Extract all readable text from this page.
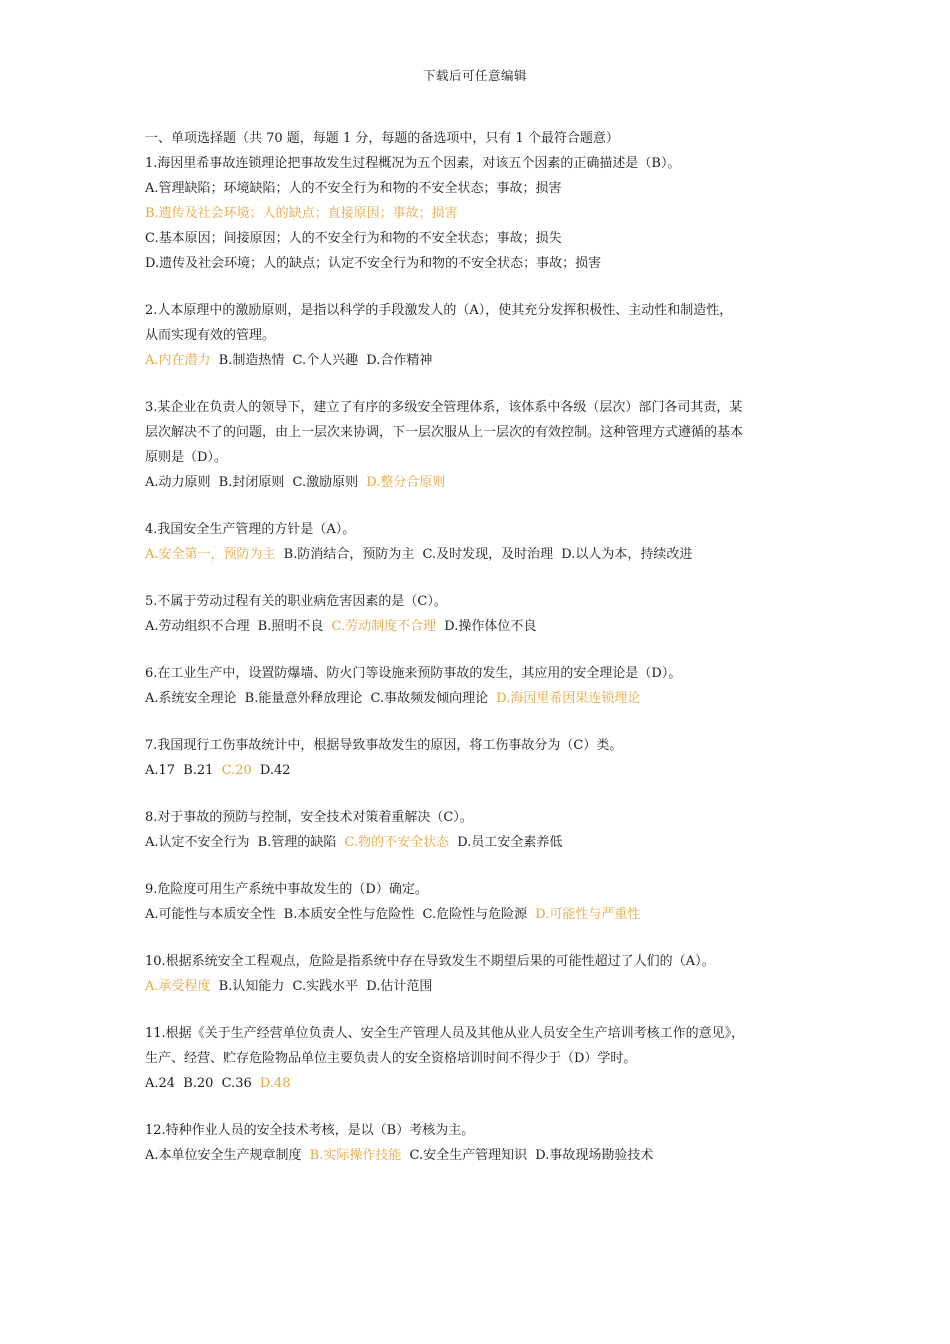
下载后可任意编辑
一、单项选择题（共 70 题，每题 1 分，每题的备选项中，只有 1 个最符合题意）
1.海因里希事故连锁理论把事故发生过程概况为五个因素，对该五个因素的正确描述是（B）。
A.管理缺陷；环境缺陷；人的不安全行为和物的不安全状态；事故；损害
B.遗传及社会环境；人的缺点；直接原因；事故；损害
C.基本原因；间接原因；人的不安全行为和物的不安全状态；事故；损失
D.遗传及社会环境；人的缺点；认定不安全行为和物的不安全状态；事故；损害
2.人本原理中的激励原则，是指以科学的手段激发人的（A），使其充分发挥积极性、主动性和制造性，
从而实现有效的管理。
A.内在潜力 B.制造热情 C.个人兴趣 D.合作精神
3.某企业在负责人的领导下，建立了有序的多级安全管理体系，该体系中各级（层次）部门各司其责，某
层次解决不了的问题，由上一层次来协调，下一层次服从上一层次的有效控制。这种管理方式遵循的基本
原则是（D）。
A.动力原则 B.封闭原则 C.激励原则 D.整分合原则
4.我国安全生产管理的方针是（A）。
A.安全第一，预防为主 B.防消结合，预防为主 C.及时发现，及时治理 D.以人为本，持续改进
5.不属于劳动过程有关的职业病危害因素的是（C）。
A.劳动组织不合理 B.照明不良 C.劳动制度不合理 D.操作体位不良
6.在工业生产中，设置防爆墙、防火门等设施来预防事故的发生，其应用的安全理论是（D）。
A.系统安全理论 B.能量意外释放理论 C.事故频发倾向理论 D.海因里希因果连锁理论
7.我国现行工伤事故统计中，根据导致事故发生的原因，将工伤事故分为（C）类。
A.17 B.21 C.20 D.42
8.对于事故的预防与控制，安全技术对策着重解决（C）。
A.认定不安全行为 B.管理的缺陷 C.物的不安全状态 D.员工安全素养低
9.危险度可用生产系统中事故发生的（D）确定。
A.可能性与本质安全性 B.本质安全性与危险性 C.危险性与危险源 D.可能性与严重性
10.根据系统安全工程观点，危险是指系统中存在导致发生不期望后果的可能性超过了人们的（A）。
A.承受程度 B.认知能力 C.实践水平 D.估计范围
11.根据《关于生产经营单位负责人、安全生产管理人员及其他从业人员安全生产培训考核工作的意见》，
生产、经营、贮存危险物品单位主要负责人的安全资格培训时间不得少于（D）学时。
A.24 B.20 C.36 D.48
12.特种作业人员的安全技术考核，是以（B）考核为主。
A.本单位安全生产规章制度 B.实际操作技能 C.安全生产管理知识 D.事故现场勘验技术
